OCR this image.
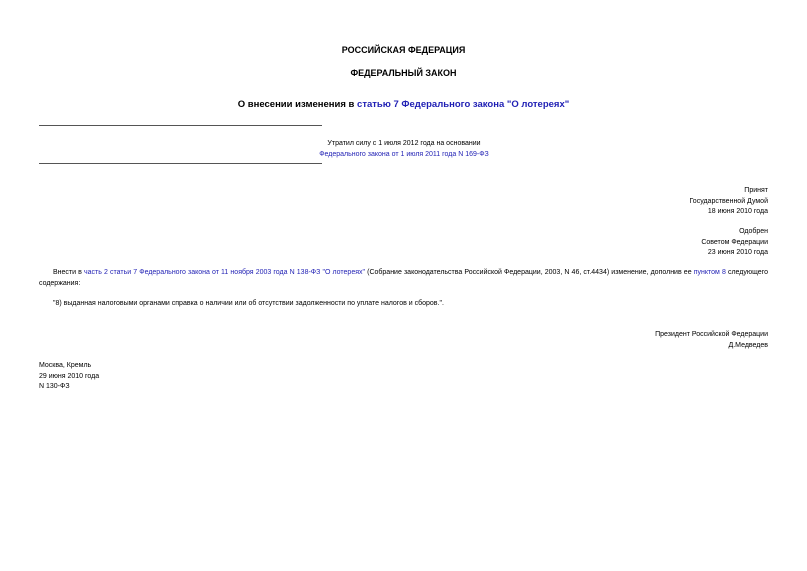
РОССИЙСКАЯ ФЕДЕРАЦИЯ
ФЕДЕРАЛЬНЫЙ ЗАКОН
О внесении изменения в статью 7 Федерального закона "О лотереях"
Утратил силу с 1 июля 2012 года на основании
Федерального закона от 1 июля 2011 года N 169-ФЗ
Принят
Государственной Думой
18 июня 2010 года
Одобрен
Советом Федерации
23 июня 2010 года
Внести в часть 2 статьи 7 Федерального закона от 11 ноября 2003 года N 138-ФЗ "О лотереях" (Собрание законодательства Российской Федерации, 2003, N 46, ст.4434) изменение, дополнив ее пунктом 8 следующего содержания:
"8) выданная налоговыми органами справка о наличии или об отсутствии задолженности по уплате налогов и сборов.".
Президент Российской Федерации
Д.Медведев
Москва, Кремль
29 июня 2010 года
N 130-ФЗ
